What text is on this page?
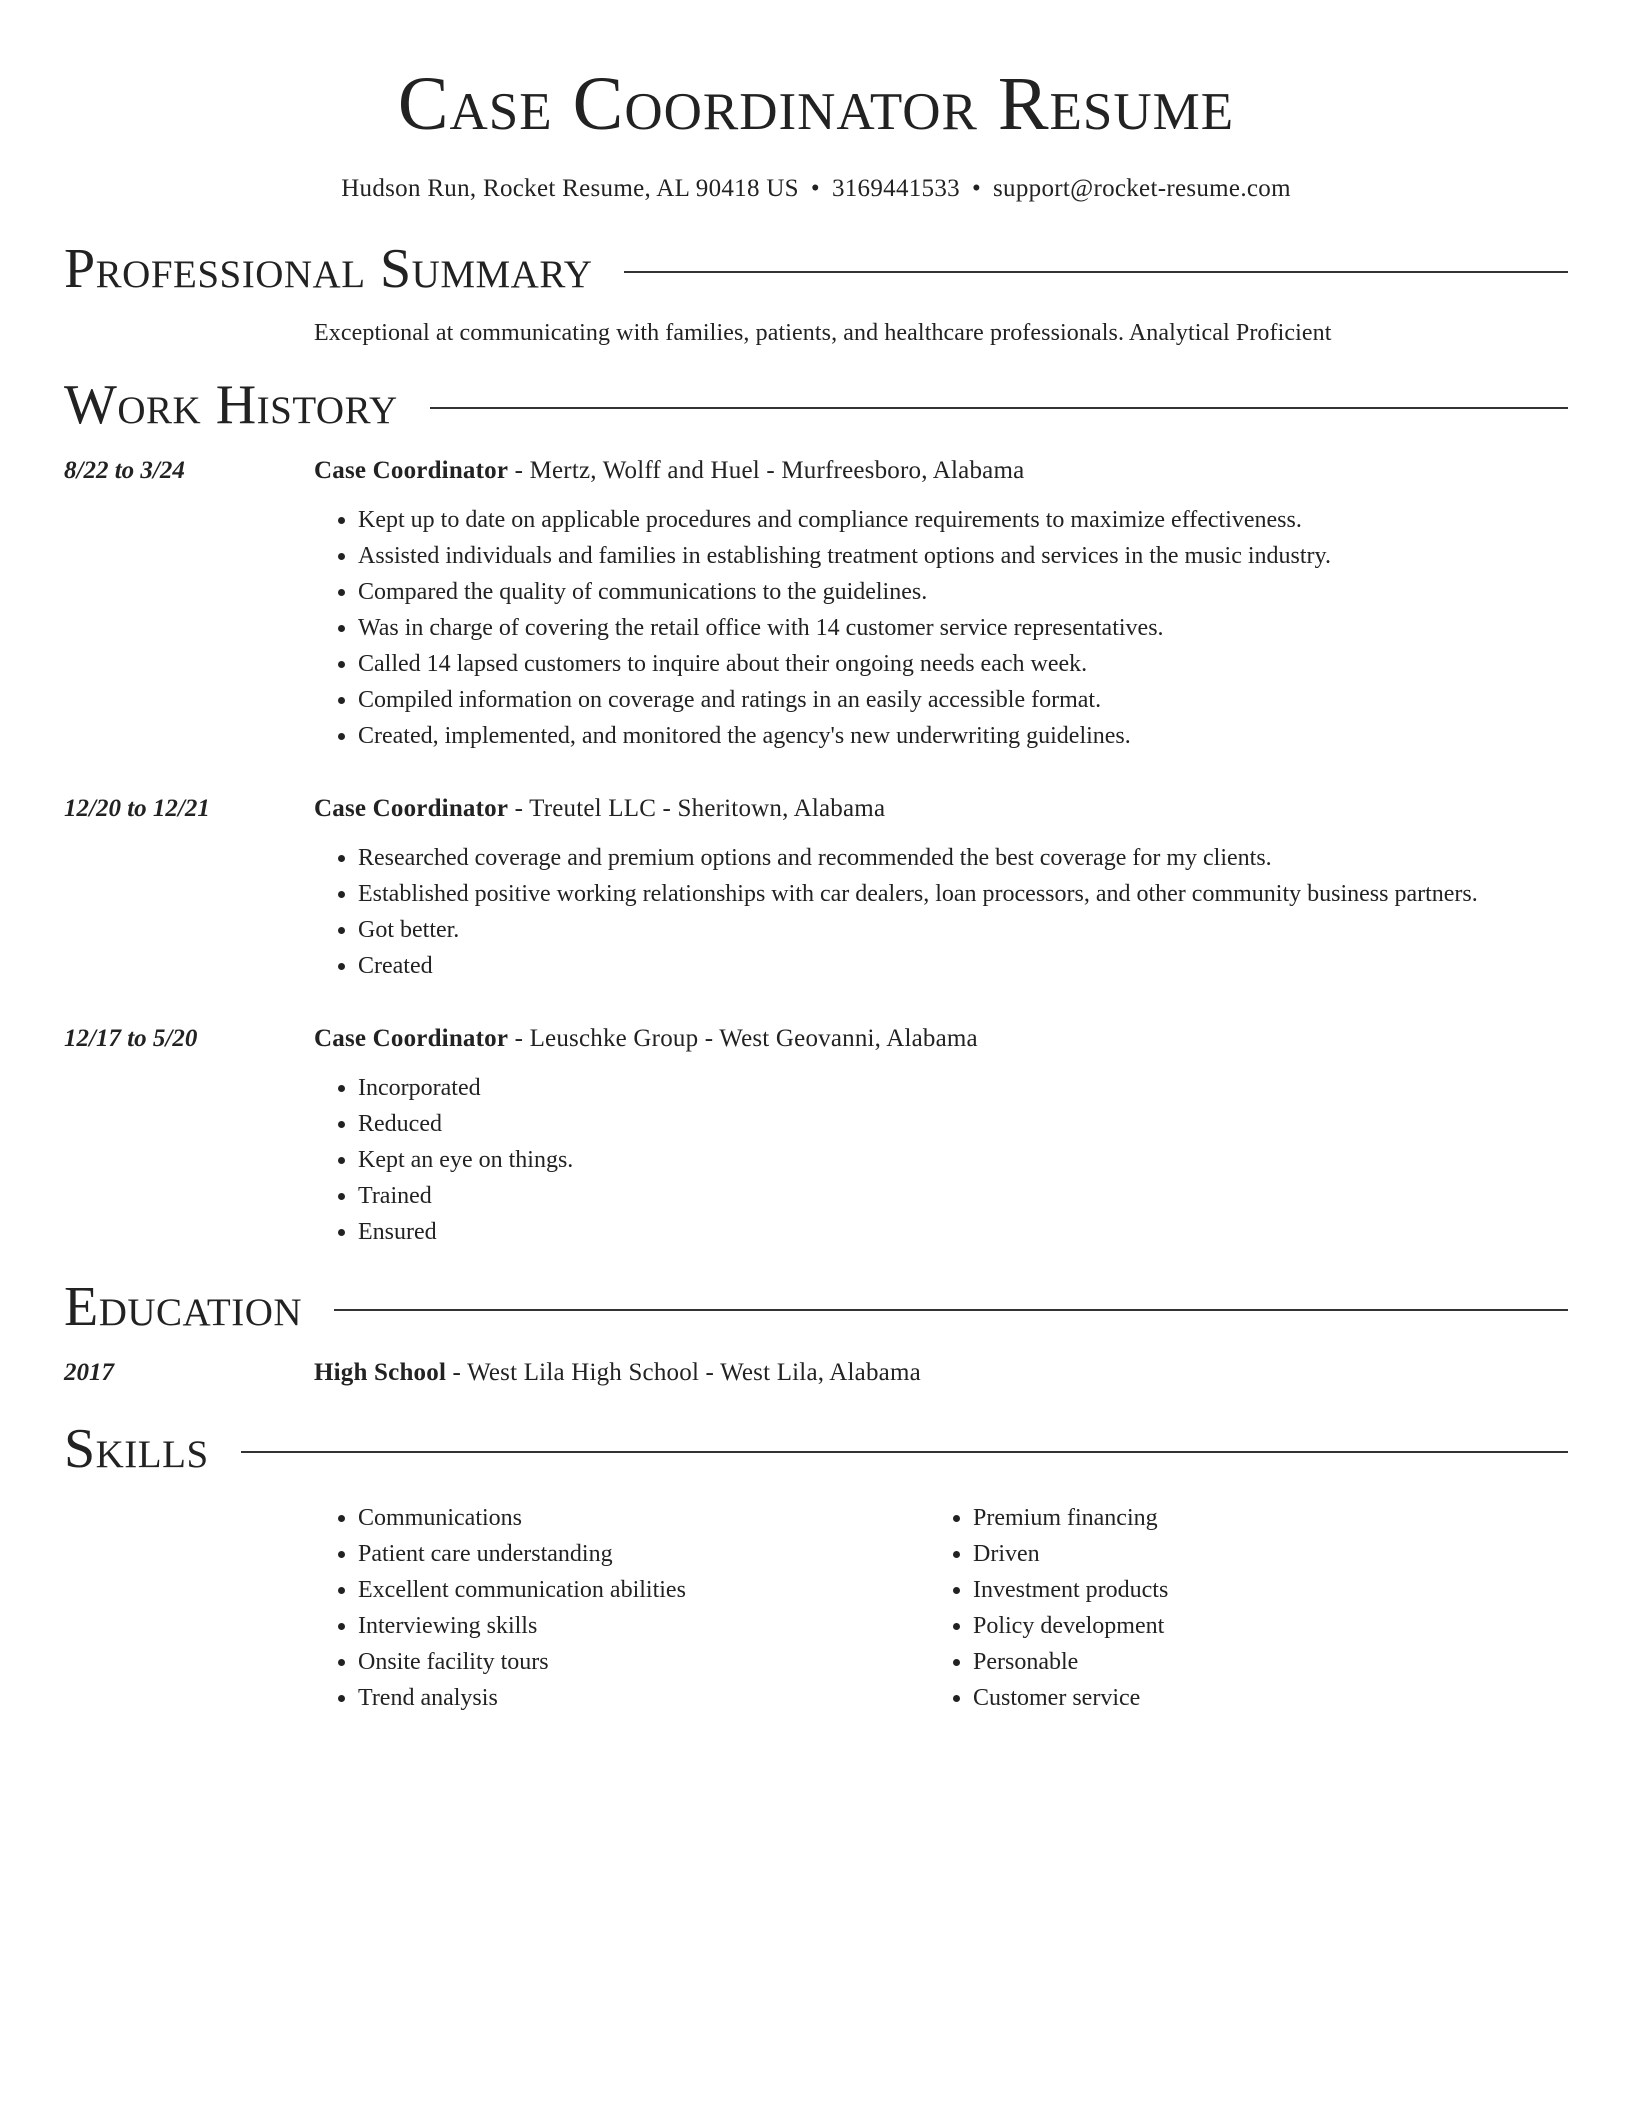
Case Coordinator Resume
Hudson Run, Rocket Resume, AL 90418 US • 3169441533 • support@rocket-resume.com
Professional Summary
Exceptional at communicating with families, patients, and healthcare professionals. Analytical Proficient
Work History
8/22 to 3/24	Case Coordinator - Mertz, Wolff and Huel - Murfreesboro, Alabama
• Kept up to date on applicable procedures and compliance requirements to maximize effectiveness.
• Assisted individuals and families in establishing treatment options and services in the music industry.
• Compared the quality of communications to the guidelines.
• Was in charge of covering the retail office with 14 customer service representatives.
• Called 14 lapsed customers to inquire about their ongoing needs each week.
• Compiled information on coverage and ratings in an easily accessible format.
• Created, implemented, and monitored the agency's new underwriting guidelines.
12/20 to 12/21	Case Coordinator - Treutel LLC - Sheritown, Alabama
• Researched coverage and premium options and recommended the best coverage for my clients.
• Established positive working relationships with car dealers, loan processors, and other community business partners.
• Got better.
• Created
12/17 to 5/20	Case Coordinator - Leuschke Group - West Geovanni, Alabama
• Incorporated
• Reduced
• Kept an eye on things.
• Trained
• Ensured
Education
2017	High School - West Lila High School - West Lila, Alabama
Skills
• Communications
• Patient care understanding
• Excellent communication abilities
• Interviewing skills
• Onsite facility tours
• Trend analysis
• Premium financing
• Driven
• Investment products
• Policy development
• Personable
• Customer service
